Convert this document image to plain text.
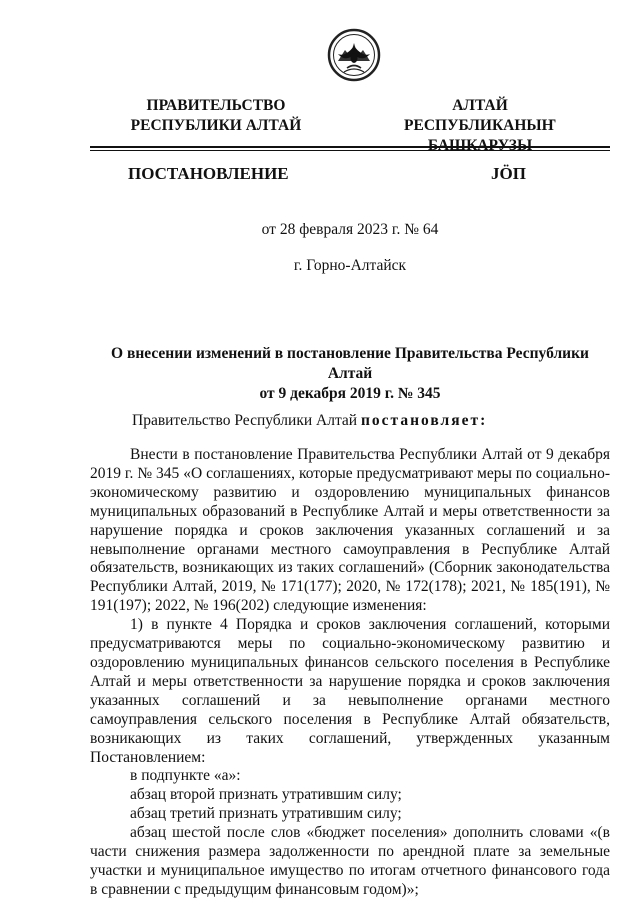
ПРАВИТЕЛЬСТВО
РЕСПУБЛИКИ АЛТАЙ
АЛТАЙ РЕСПУБЛИКАНЫҤ
ПОСТАНОВЛЕНИЕ	JӦП
от 28 февраля 2023 г. № 64
г. Горно-Алтайск
О внесении изменений в постановление Правительства Республики Алтай
от 9 декабря 2019 г. № 345
Правительство Республики Алтай постановляет:

Внести в постановление Правительства Республики Алтай от 9 декабря 2019 г. № 345 «О соглашениях, которые предусматривают меры по социально-экономическому развитию и оздоровлению муниципальных финансов муниципальных образований в Республике Алтай и меры ответственности за нарушение порядка и сроков заключения указанных соглашений и за невыполнение органами местного самоуправления в Республике Алтай обязательств, возникающих из таких соглашений» (Сборник законодательства Республики Алтай, 2019, № 171(177); 2020, № 172(178); 2021, № 185(191), № 191(197); 2022, № 196(202) следующие изменения:

1) в пункте 4 Порядка и сроков заключения соглашений, которыми предусматриваются меры по социально-экономическому развитию и оздоровлению муниципальных финансов сельского поселения в Республике Алтай и меры ответственности за нарушение порядка и сроков заключения указанных соглашений и за невыполнение органами местного самоуправления сельского поселения в Республике Алтай обязательств, возникающих из таких соглашений, утвержденных указанным Постановлением:

в подпункте «а»:

абзац второй признать утратившим силу;

абзац третий признать утратившим силу;

абзац шестой после слов «бюджет поселения» дополнить словами «(в части снижения размера задолженности по арендной плате за земельные участки и муниципальное имущество по итогам отчетного финансового года в сравнении с предыдущим финансовым годом)»;
